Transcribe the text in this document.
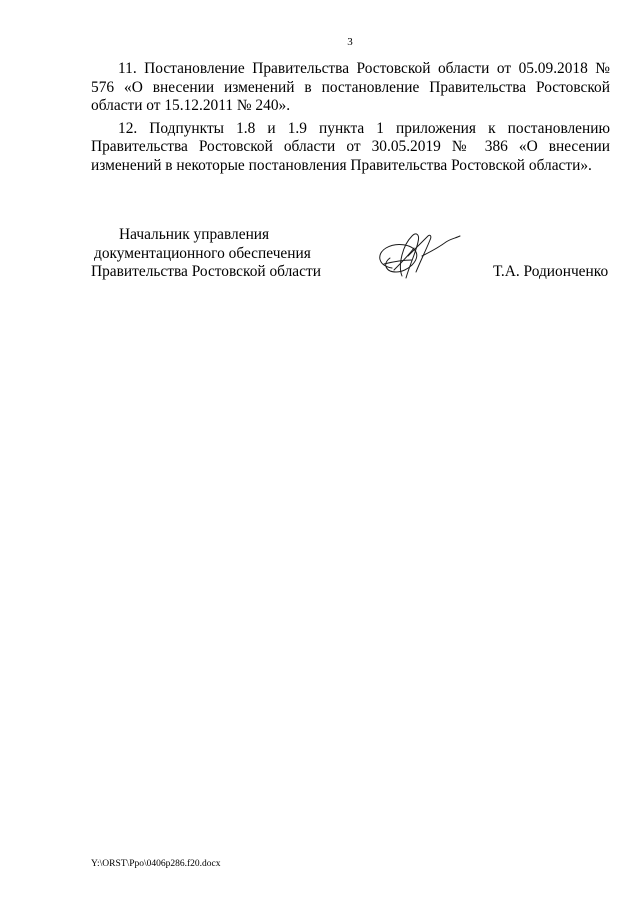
3

11. Постановление Правительства Ростовской области от 05.09.2018 № 576 «О внесении изменений в постановление Правительства Ростовской области от 15.12.2011 № 240».

12. Подпункты 1.8 и 1.9 пункта 1 приложения к постановлению Правительства Ростовской области от 30.05.2019 № 386 «О внесении изменений в некоторые постановления Правительства Ростовской области».

Начальник управления
документационного обеспечения
Правительства Ростовской области	Т.А. Родионченко
Y:\ORST\Ppo\0406p286.f20.docx
